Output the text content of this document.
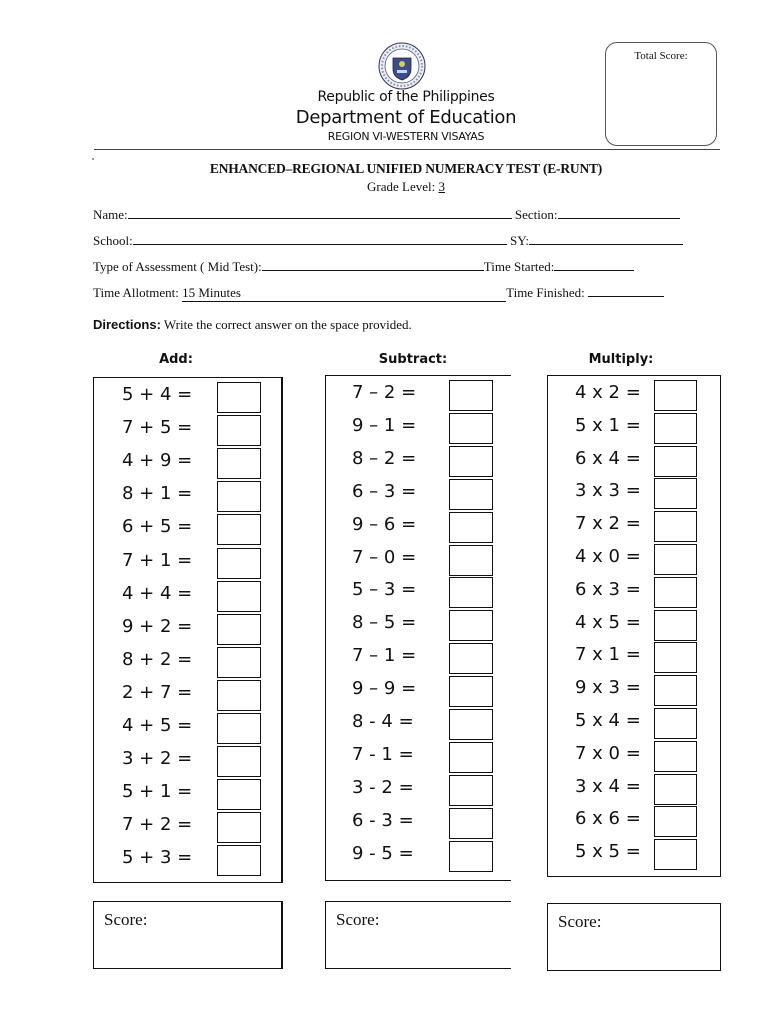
Total Score:
Republic of the Philippines
Department of Education
REGION VI-WESTERN VISAYAS
ENHANCED–REGIONAL UNIFIED NUMERACY TEST (E-RUNT)
Grade Level: 3
Name:	Section:
School:	SY:
Type of Assessment ( Mid Test):	Time Started:
Time Allotment: 15 Minutes	Time Finished:
Directions: Write the correct answer on the space provided.
Add:	Subtract:	Multiply:
5 + 4 =
7 + 5 =
4 + 9 =
8 + 1 =
6 + 5 =
7 + 1 =
4 + 4 =
9 + 2 =
8 + 2 =
2 + 7 =
4 + 5 =
3 + 2 =
5 + 1 =
7 + 2 =
5 + 3 =
7 – 2 =
9 – 1 =
8 – 2 =
6 – 3 =
9 – 6 =
7 – 0 =
5 – 3 =
8 – 5 =
7 – 1 =
9 – 9 =
8 - 4 =
7 - 1 =
3 - 2 =
6 - 3 =
9 - 5 =
4 x 2 =
5 x 1 =
6 x 4 =
3 x 3 =
7 x 2 =
4 x 0 =
6 x 3 =
4 x 5 =
7 x 1 =
9 x 3 =
5 x 4 =
7 x 0 =
3 x 4 =
6 x 6 =
5 x 5 =
Score:	Score:	Score:
